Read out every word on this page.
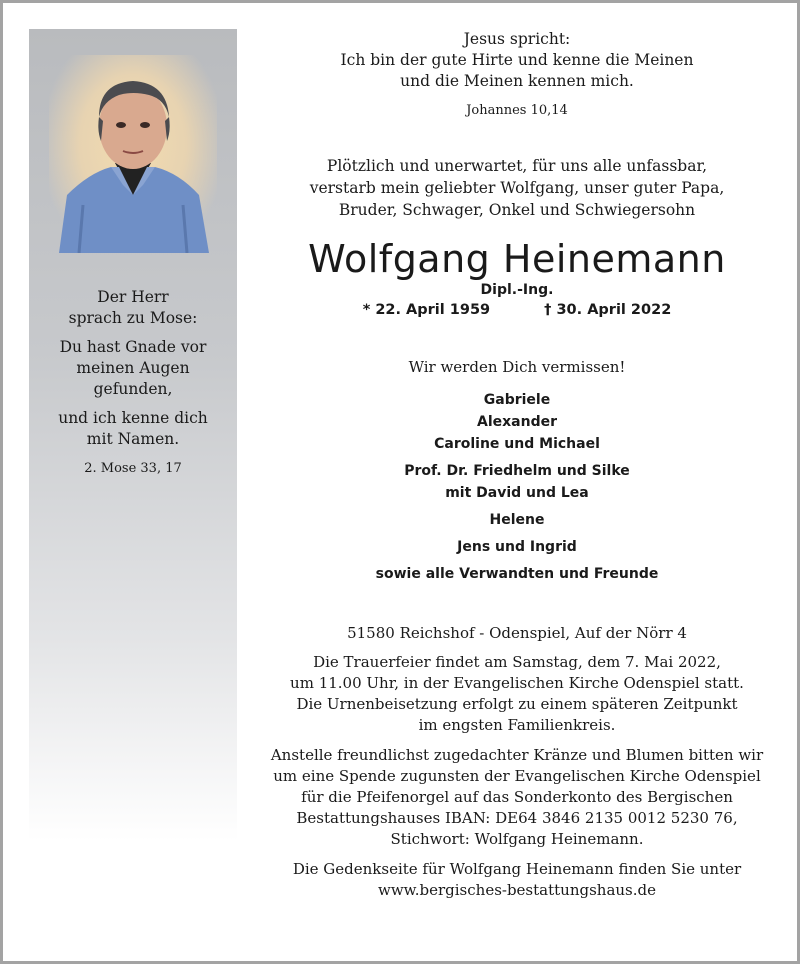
Der Herr
sprach zu Mose:

Du hast Gnade vor
meinen Augen
gefunden,

und ich kenne dich
mit Namen.

2. Mose 33, 17
Jesus spricht:
Ich bin der gute Hirte und kenne die Meinen
und die Meinen kennen mich.
Johannes 10,14
Plötzlich und unerwartet, für uns alle unfassbar,
verstarb mein geliebter Wolfgang, unser guter Papa,
Bruder, Schwager, Onkel und Schwiegersohn
Wolfgang Heinemann
Dipl.-Ing.
* 22. April 1959	† 30. April 2022
Wir werden Dich vermissen!
Gabriele
Alexander
Caroline und Michael
Prof. Dr. Friedhelm und Silke
mit David und Lea
Helene
Jens und Ingrid
sowie alle Verwandten und Freunde
51580 Reichshof - Odenspiel, Auf der Nörr 4

Die Trauerfeier findet am Samstag, dem 7. Mai 2022,
um 11.00 Uhr, in der Evangelischen Kirche Odenspiel statt.
Die Urnenbeisetzung erfolgt zu einem späteren Zeitpunkt
im engsten Familienkreis.

Anstelle freundlichst zugedachter Kränze und Blumen bitten wir
um eine Spende zugunsten der Evangelischen Kirche Odenspiel
für die Pfeifenorgel auf das Sonderkonto des Bergischen
Bestattungshauses IBAN: DE64 3846 2135 0012 5230 76,
Stichwort: Wolfgang Heinemann.

Die Gedenkseite für Wolfgang Heinemann finden Sie unter
www.bergisches-bestattungshaus.de
